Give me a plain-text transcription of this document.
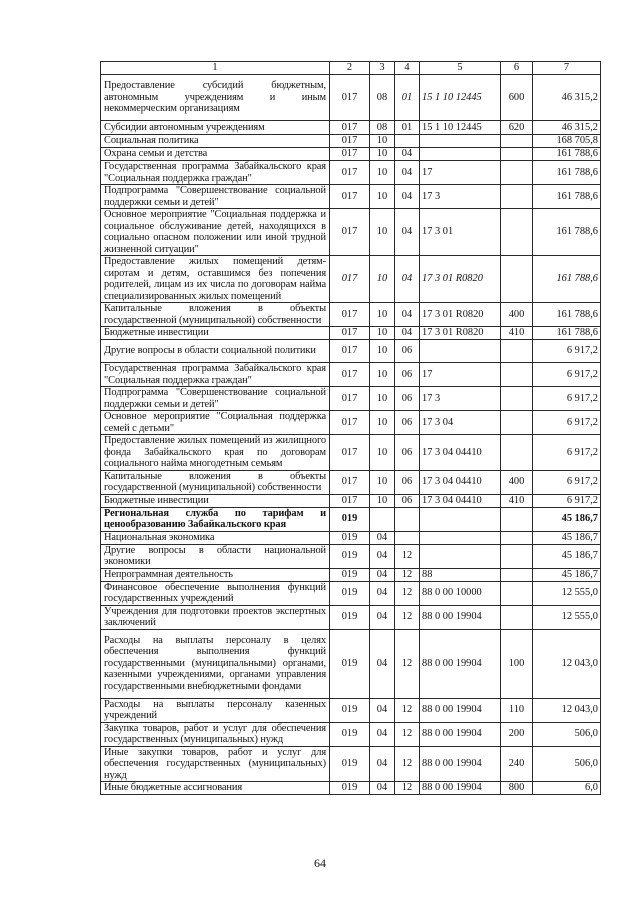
1	2	3	4	5	6	7
Предоставление субсидий бюджетным, автономным учреждениям и иным некоммерческим организациям	017	08	01	15 1 10 12445	600	46 315,2
Субсидии автономным учреждениям	017	08	01	15 1 10 12445	620	46 315,2
Социальная политика	017	10				168 705,8
Охрана семьи и детства	017	10	04			161 788,6
Государственная программа Забайкальского края "Социальная поддержка граждан"	017	10	04	17		161 788,6
Подпрограмма "Совершенствование социальной поддержки семьи и детей"	017	10	04	17 3		161 788,6
Основное мероприятие "Социальная поддержка и социальное обслуживание детей, находящихся в социально опасном положении или иной трудной жизненной ситуации"	017	10	04	17 3 01		161 788,6
Предоставление жилых помещений детям-сиротам и детям, оставшимся без попечения родителей, лицам из их числа по договорам найма специализированных жилых помещений	017	10	04	17 3 01 R0820		161 788,6
Капитальные вложения в объекты государственной (муниципальной) собственности	017	10	04	17 3 01 R0820	400	161 788,6
Бюджетные инвестиции	017	10	04	17 3 01 R0820	410	161 788,6
Другие вопросы в области социальной политики	017	10	06			6 917,2
Государственная программа Забайкальского края "Социальная поддержка граждан"	017	10	06	17		6 917,2
Подпрограмма "Совершенствование социальной поддержки семьи и детей"	017	10	06	17 3		6 917,2
Основное мероприятие "Социальная поддержка семей с детьми"	017	10	06	17 3 04		6 917,2
Предоставление жилых помещений из жилищного фонда Забайкальского края по договорам социального найма многодетным семьям	017	10	06	17 3 04 04410		6 917,2
Капитальные вложения в объекты государственной (муниципальной) собственности	017	10	06	17 3 04 04410	400	6 917,2
Бюджетные инвестиции	017	10	06	17 3 04 04410	410	6 917,2
Региональная служба по тарифам и ценообразованию Забайкальского края	019					45 186,7
Национальная экономика	019	04				45 186,7
Другие вопросы в области национальной экономики	019	04	12			45 186,7
Непрограммная деятельность	019	04	12	88		45 186,7
Финансовое обеспечение выполнения функций государственных учреждений	019	04	12	88 0 00 10000		12 555,0
Учреждения для подготовки проектов экспертных заключений	019	04	12	88 0 00 19904		12 555,0
Расходы на выплаты персоналу в целях обеспечения выполнения функций государственными (муниципальными) органами, казенными учреждениями, органами управления государственными внебюджетными фондами	019	04	12	88 0 00 19904	100	12 043,0
Расходы на выплаты персоналу казенных учреждений	019	04	12	88 0 00 19904	110	12 043,0
Закупка товаров, работ и услуг для обеспечения государственных (муниципальных) нужд	019	04	12	88 0 00 19904	200	506,0
Иные закупки товаров, работ и услуг для обеспечения государственных (муниципальных) нужд	019	04	12	88 0 00 19904	240	506,0
Иные бюджетные ассигнования	019	04	12	88 0 00 19904	800	6,0
64
